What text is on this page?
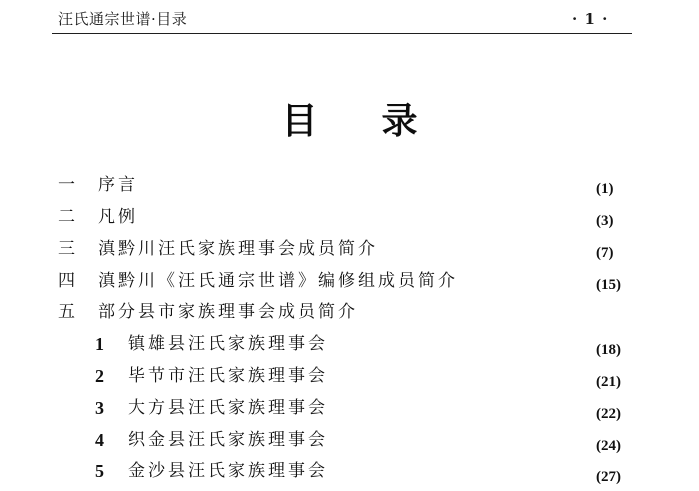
汪氏通宗世谱·目录	· 1 ·
目录
一 序言	(1)
二 凡例	(3)
三 滇黔川汪氏家族理事会成员简介	(7)
四 滇黔川《汪氏通宗世谱》编修组成员简介	(15)
五 部分县市家族理事会成员简介
1 镇雄县汪氏家族理事会	(18)
2 毕节市汪氏家族理事会	(21)
3 大方县汪氏家族理事会	(22)
4 织金县汪氏家族理事会	(24)
5 金沙县汪氏家族理事会	(27)
